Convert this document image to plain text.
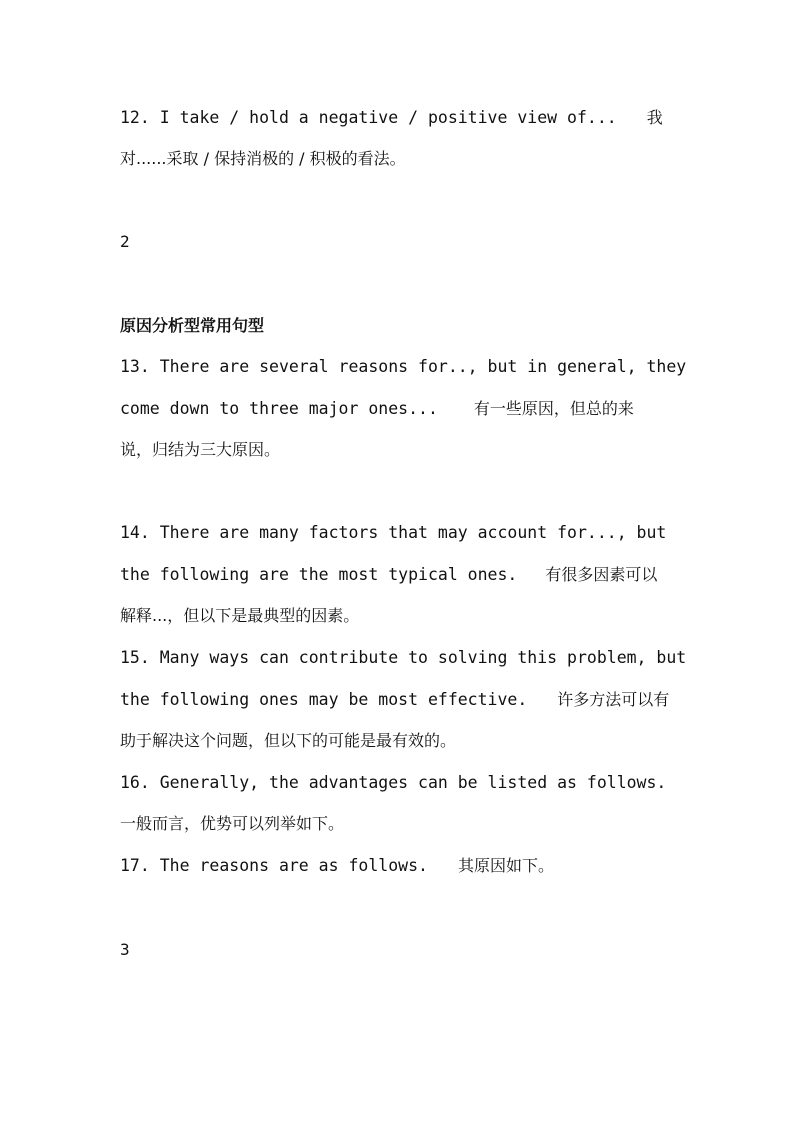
12. I take / hold a negative / positive view of... 我
对......采取 / 保持消极的 / 积极的看法。
2
原因分析型常用句型
13. There are several reasons for.., but in general, they
come down to three major ones... 有一些原因，但总的来
说，归结为三大原因。
14. There are many factors that may account for..., but
the following are the most typical ones. 有很多因素可以
解释...，但以下是最典型的因素。
15. Many ways can contribute to solving this problem, but
the following ones may be most effective. 许多方法可以有
助于解决这个问题，但以下的可能是最有效的。
16. Generally, the advantages can be listed as follows.
一般而言，优势可以列举如下。
17. The reasons are as follows. 其原因如下。
3
